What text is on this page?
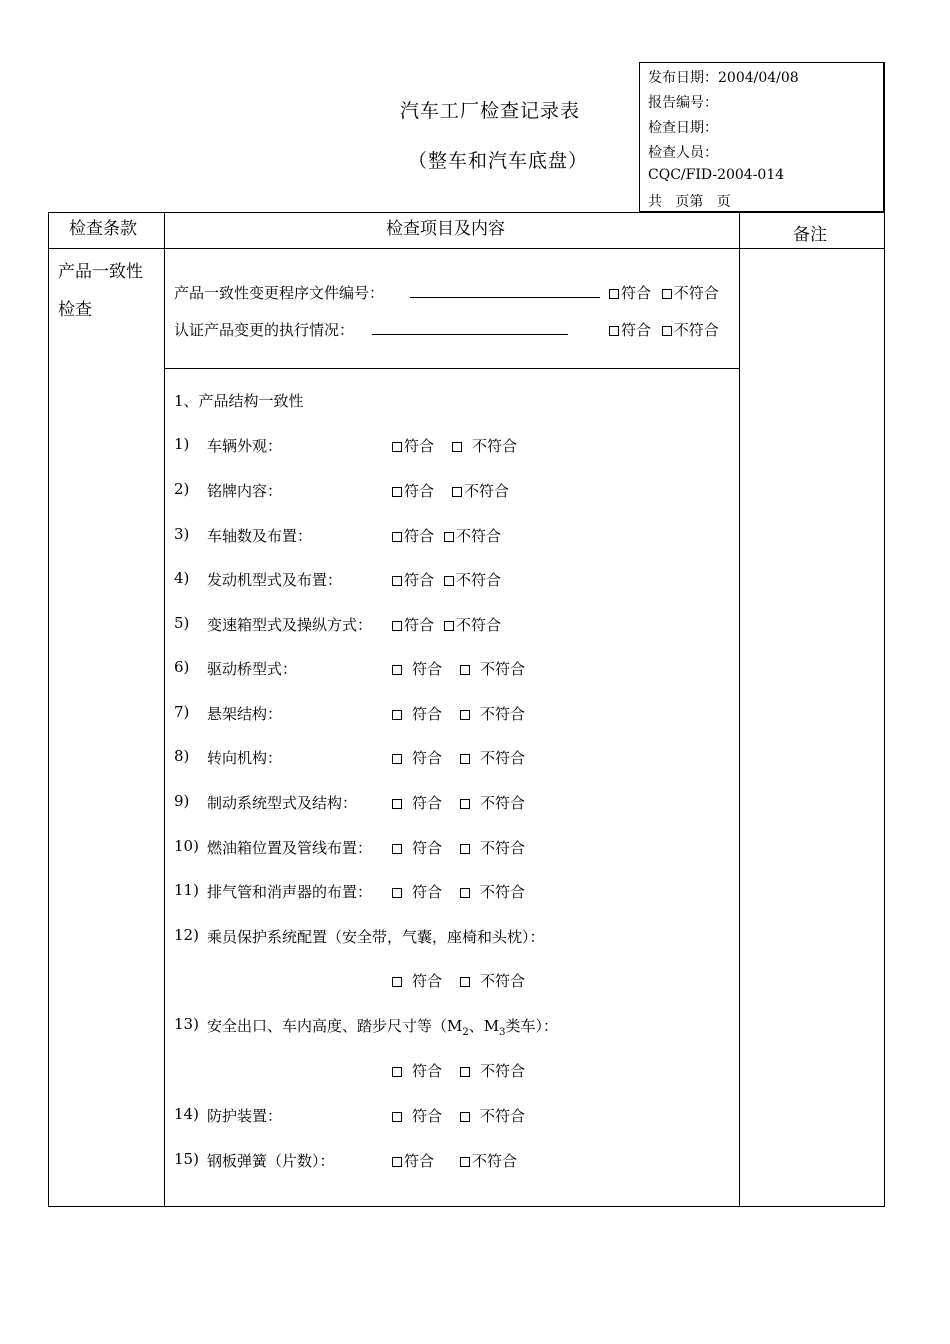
汽车工厂检查记录表
（整车和汽车底盘）
发布日期：2004/04/08
报告编号：
检查日期：
检查人员：
CQC/FID-2004-014
共   页第   页
检查条款	检查项目及内容	备注
产品一致性
检查
产品一致性变更程序文件编号：	符合 不符合
认证产品变更的执行情况：	符合 不符合
1、产品结构一致性
1) 车辆外观：	符合	不符合
2) 铭牌内容：	符合 不符合
3) 车轴数及布置：	符合 不符合
4) 发动机型式及布置：	符合 不符合
5) 变速箱型式及操纵方式：	符合 不符合
6) 驱动桥型式：	符合	不符合
7) 悬架结构：	符合	不符合
8) 转向机构：	符合	不符合
9) 制动系统型式及结构：	符合	不符合
10) 燃油箱位置及管线布置：	符合	不符合
11) 排气管和消声器的布置：	符合	不符合
12) 乘员保护系统配置（安全带，气囊，座椅和头枕）：
符合	不符合
13) 安全出口、车内高度、踏步尺寸等（$M_2$、$M_3$类车）：
符合	不符合
14) 防护装置：	符合	不符合
15) 钢板弹簧（片数）：	符合	不符合
